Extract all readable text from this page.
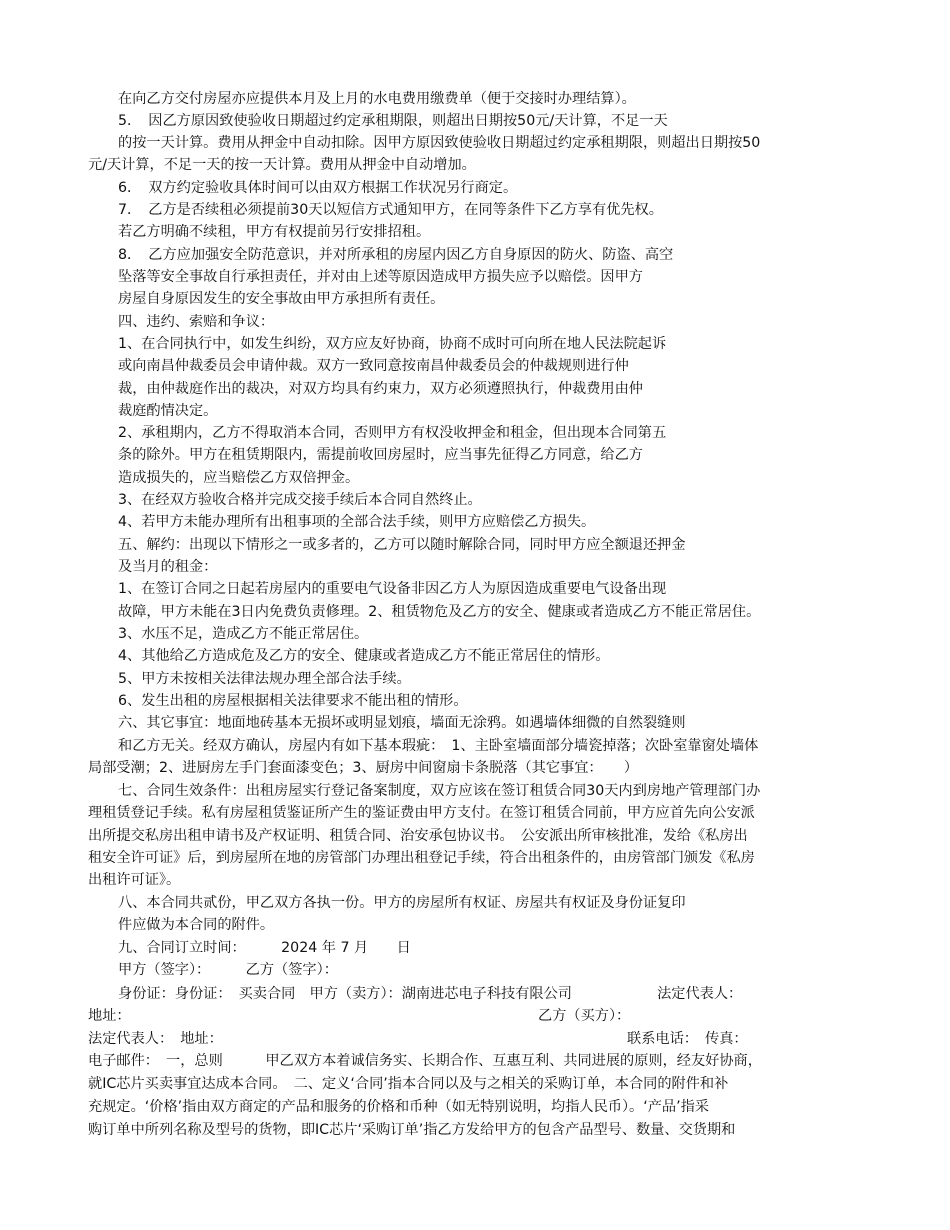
在向乙方交付房屋亦应提供本月及上月的水电费用缴费单（便于交接时办理结算）。
5．　因乙方原因致使验收日期超过约定承租期限，则超出日期按50元/天计算，不足一天
的按一天计算。费用从押金中自动扣除。因甲方原因致使验收日期超过约定承租期限，则超出日期按50
元/天计算，不足一天的按一天计算。费用从押金中自动增加。
6．　双方约定验收具体时间可以由双方根据工作状况另行商定。
7．　乙方是否续租必须提前30天以短信方式通知甲方，在同等条件下乙方享有优先权。
若乙方明确不续租，甲方有权提前另行安排招租。
8．　乙方应加强安全防范意识，并对所承租的房屋内因乙方自身原因的防火、防盗、高空
坠落等安全事故自行承担责任，并对由上述等原因造成甲方损失应予以赔偿。因甲方
房屋自身原因发生的安全事故由甲方承担所有责任。
四、违约、索赔和争议：
1、在合同执行中，如发生纠纷，双方应友好协商，协商不成时可向所在地人民法院起诉
或向南昌仲裁委员会申请仲裁。双方一致同意按南昌仲裁委员会的仲裁规则进行仲
裁，由仲裁庭作出的裁决，对双方均具有约束力，双方必须遵照执行，仲裁费用由仲
裁庭酌情决定。
2、承租期内，乙方不得取消本合同，否则甲方有权没收押金和租金，但出现本合同第五
条的除外。甲方在租赁期限内，需提前收回房屋时，应当事先征得乙方同意，给乙方
造成损失的，应当赔偿乙方双倍押金。
3、在经双方验收合格并完成交接手续后本合同自然终止。
4、若甲方未能办理所有出租事项的全部合法手续，则甲方应赔偿乙方损失。
五、解约：出现以下情形之一或多者的，乙方可以随时解除合同，同时甲方应全额退还押金
及当月的租金：
1、在签订合同之日起若房屋内的重要电气设备非因乙方人为原因造成重要电气设备出现
故障，甲方未能在3日内免费负责修理。2、租赁物危及乙方的安全、健康或者造成乙方不能正常居住。
3、水压不足，造成乙方不能正常居住。
4、其他给乙方造成危及乙方的安全、健康或者造成乙方不能正常居住的情形。
5、甲方未按相关法律法规办理全部合法手续。
6、发生出租的房屋根据相关法律要求不能出租的情形。
六、其它事宜：地面地砖基本无损坏或明显划痕，墙面无涂鸦。如遇墙体细微的自然裂缝则
和乙方无关。经双方确认，房屋内有如下基本瑕疵：　1、主卧室墙面部分墙瓷掉落；次卧室靠窗处墙体
局部受潮；2、进厨房左手门套面漆变色；3、厨房中间窗扇卡条脱落（其它事宜：　　）
七、合同生效条件：出租房屋实行登记备案制度，双方应该在签订租赁合同30天内到房地产管理部门办
理租赁登记手续。私有房屋租赁鉴证所产生的鉴证费由甲方支付。在签订租赁合同前，甲方应首先向公安派
出所提交私房出租申请书及产权证明、租赁合同、治安承包协议书。　公安派出所审核批准，发给《私房出
租安全许可证》后，到房屋所在地的房管部门办理出租登记手续，符合出租条件的，由房管部门颁发《私房
出租许可证》。
八、本合同共贰份，甲乙双方各执一份。甲方的房屋所有权证、房屋共有权证及身份证复印
件应做为本合同的附件。
九、合同订立时间：　　　2024 年 7 月　　日
甲方（签字）：　　　乙方（签字）：
身份证：身份证：　买卖合同　甲方（卖方）：湖南进芯电子科技有限公司　　　　　　法定代表人：
地址：	乙方（买方）：
法定代表人：　地址：	联系电话：　传真：
电子邮件：　一，总则　　　甲乙双方本着诚信务实、长期合作、互惠互利、共同进展的原则，经友好协商，
就IC芯片买卖事宜达成本合同。　二、定义‘合同’指本合同以及与之相关的采购订单，本合同的附件和补
充规定。‘价格’指由双方商定的产品和服务的价格和币种（如无特别说明，均指人民币）。‘产品’指采
购订单中所列名称及型号的货物，即IC芯片‘采购订单’指乙方发给甲方的包含产品型号、数量、交货期和
